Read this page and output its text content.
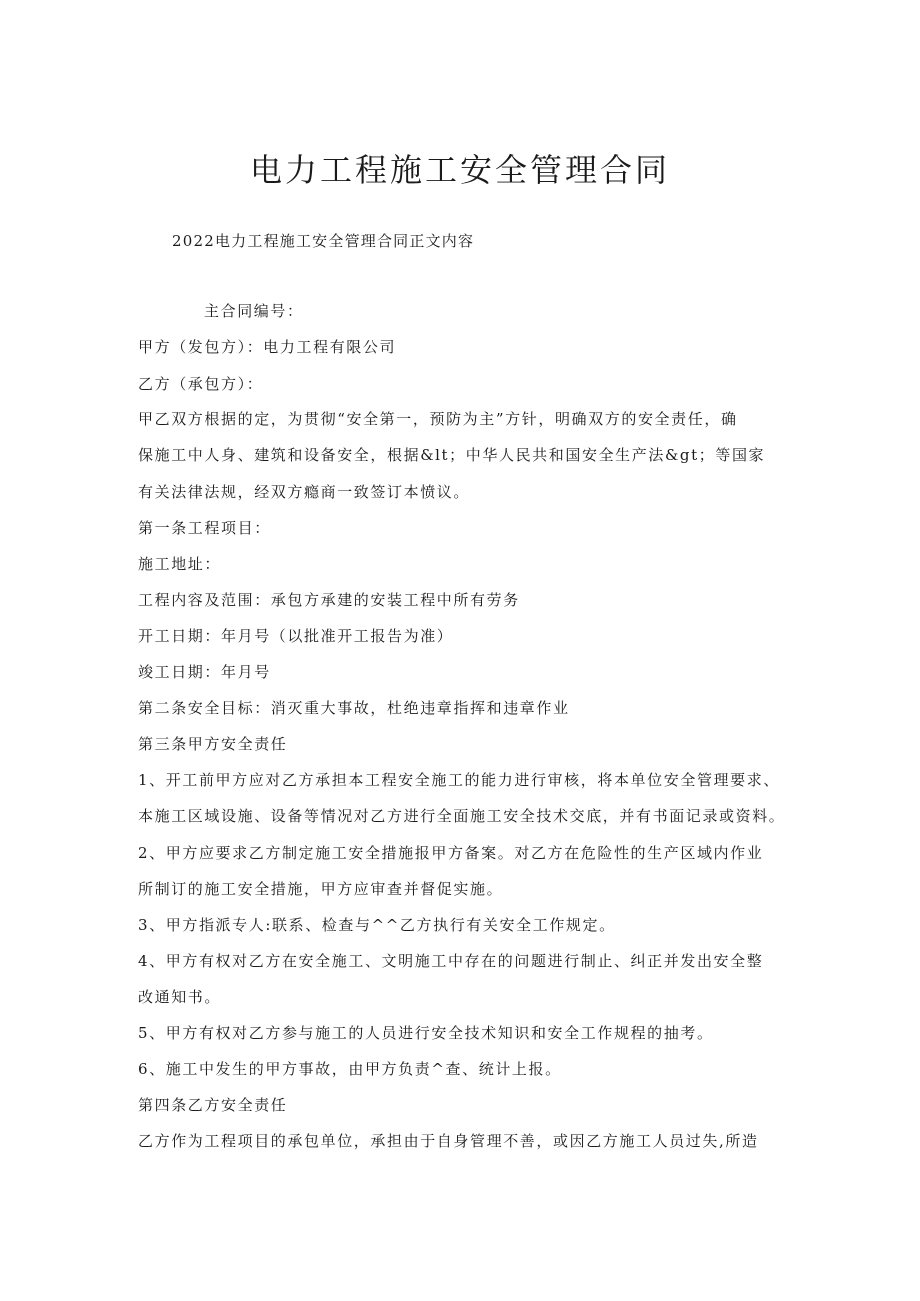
电力工程施工安全管理合同
2022电力工程施工安全管理合同正文内容
主合同编号：
甲方（发包方）：电力工程有限公司
乙方（承包方）：
甲乙双方根据的定，为贯彻“安全第一，预防为主”方针，明确双方的安全责任，确
保施工中人身、建筑和设备安全，根据&lt；中华人民共和国安全生产法&gt；等国家
有关法律法规，经双方瘾商一致签订本愤议。
第一条工程项目：
施工地址：
工程内容及范围：承包方承建的安装工程中所有劳务
开工日期：年月号（以批准开工报告为准）
竣工日期：年月号
第二条安全目标：消灭重大事故，杜绝违章指挥和违章作业
第三条甲方安全责任
1、开工前甲方应对乙方承担本工程安全施工的能力进行审核，将本单位安全管理要求、
本施工区域设施、设备等情况对乙方进行全面施工安全技术交底，并有书面记录或资料。
2、甲方应要求乙方制定施工安全措施报甲方备案。对乙方在危险性的生产区域内作业
所制订的施工安全措施，甲方应审查并督促实施。
3、甲方指派专人:联系、检查与^^乙方执行有关安全工作规定。
4、甲方有权对乙方在安全施工、文明施工中存在的问题进行制止、纠正并发出安全整
改通知书。
5、甲方有权对乙方参与施工的人员进行安全技术知识和安全工作规程的抽考。
6、施工中发生的甲方事故，由甲方负责^查、统计上报。
第四条乙方安全责任
乙方作为工程项目的承包单位，承担由于自身管理不善，或因乙方施工人员过失,所造
